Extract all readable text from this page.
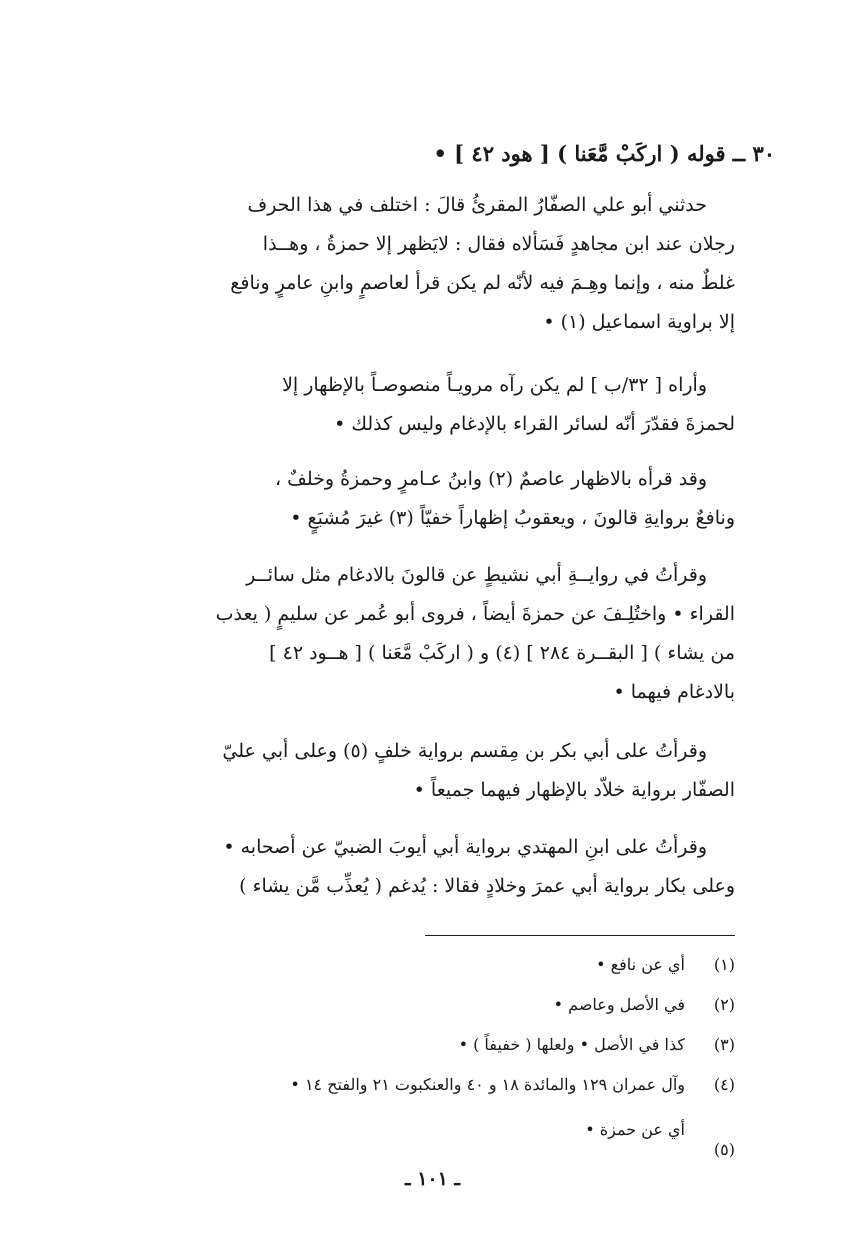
٣٠ ــ قوله ( اركَبْ مَّعَنا ) [ هود ٤٢ ] •
حدثني أبو علي الصفّارُ المقرئُ قالَ : اختلف في هذا الحرف
رجلان عند ابن مجاهدٍ فَسَألاه فقال : لايَظهر إلا حمزةُ ، وهــذا
غلطٌ منه ، وإنما وهِـمَ فيه لأنّه لم يكن قرأ لعاصمٍ وابنِ عامرٍ ونافع
إلا براوية اسماعيل (١) •
وأراه [ ٣٢/ب ] لم يكن رآه مرويـاً منصوصـاً بالإظهار إلا
لحمزةَ فقدّرَ أنّه لسائر القراء بالإدغام وليس كذلك •
وقد قرأه بالاظهار عاصمٌ (٢) وابنُ عـامرٍ وحمزةُ وخلفٌ ،
ونافعٌ بروايةِ قالونَ ، ويعقوبُ إظهاراً خفيّاً (٣) غيرَ مُشبَعٍ •
وقرأتُ في روايــةِ أبي نشيطٍ عن قالونَ بالادغام مثل سائــر
القراء • واختُلِـفَ عن حمزةَ أيضاً ، فروى أبو عُمر عن سليمٍ ( يعذب
من يشاء ) [ البقــرة ٢٨٤ ] (٤) و ( اركَبْ مَّعَنا ) [ هــود ٤٢ ]
بالادغام فيهما •
وقرأتُ على أبي بكر بن مِقسم برواية خلفٍ (٥) وعلى أبي عليّ
الصفّار برواية خلاّد بالإظهار فيهما جميعاً •
وقرأتُ على ابنِ المهتدي برواية أبي أيوبَ الضبيّ عن أصحابه •
وعلى بكار برواية أبي عمرَ وخلادٍ فقالا : يُدغم ( يُعذِّب مَّن يشاء )
(١)
أي عن نافع •
(٢)
في الأصل وعاصم •
(٣)
كذا في الأصل • ولعلها ( خفيفاً ) •
(٤)
وآل عمران ١٢٩ والمائدة ١٨ و ٤٠ والعنكبوت ٢١ والفتح ١٤ •
أي عن حمزة •
(٥)
ـ ١٠١ ـ
